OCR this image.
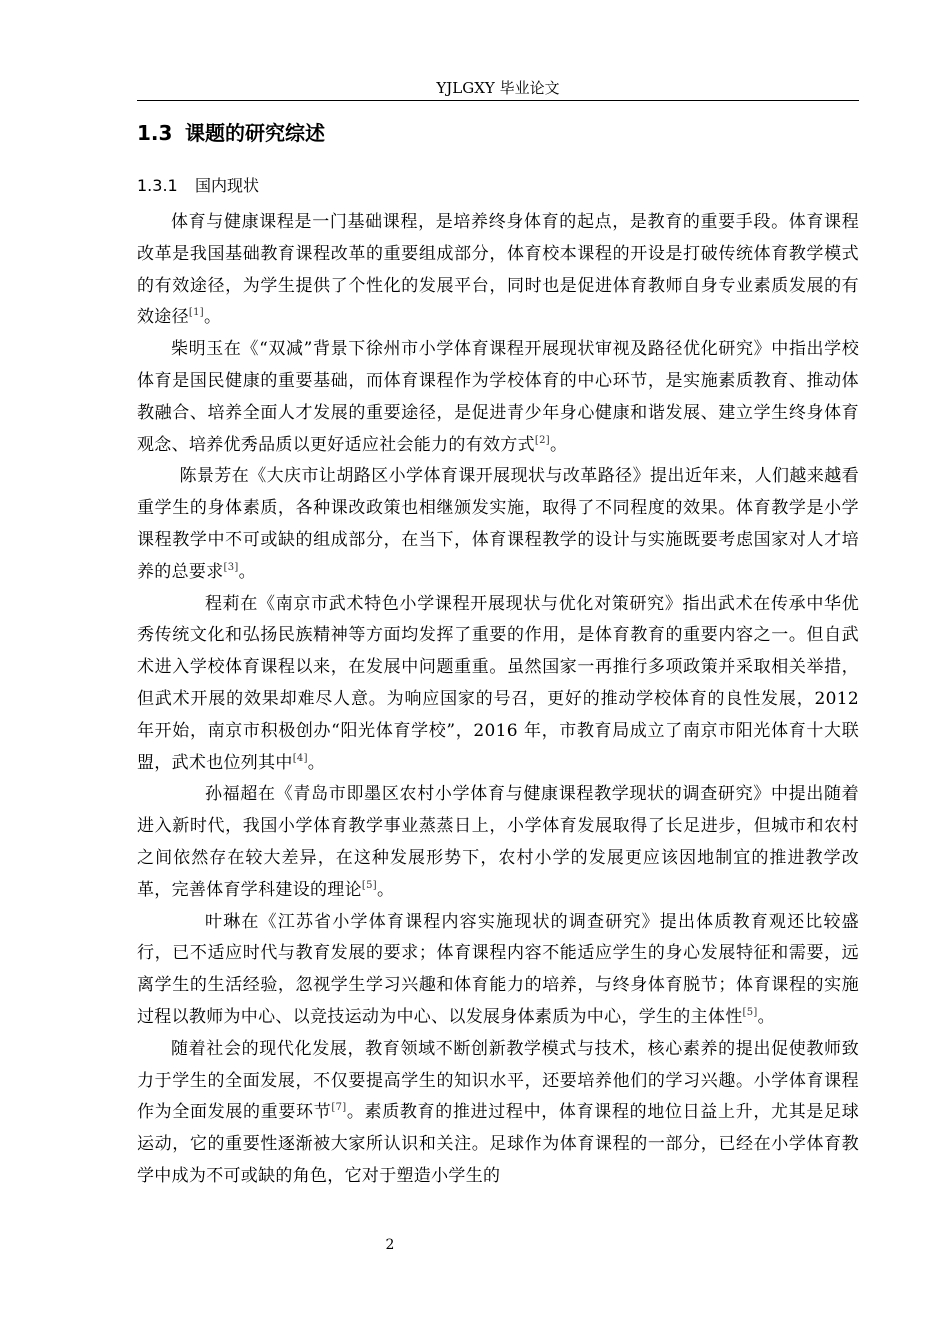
YJLGXY 毕业论文
1.3 课题的研究综述
1.3.1 国内现状

体育与健康课程是一门基础课程，是培养终身体育的起点，是教育的重要手段。体育课程改革是我国基础教育课程改革的重要组成部分，体育校本课程的开设是打破传统体育教学模式的有效途径，为学生提供了个性化的发展平台，同时也是促进体育教师自身专业素质发展的有效途径[1]。

柴明玉在《“双减”背景下徐州市小学体育课程开展现状审视及路径优化研究》中指出学校体育是国民健康的重要基础，而体育课程作为学校体育的中心环节，是实施素质教育、推动体教融合、培养全面人才发展的重要途径，是促进青少年身心健康和谐发展、建立学生终身体育观念、培养优秀品质以更好适应社会能力的有效方式[2]。

陈景芳在《大庆市让胡路区小学体育课开展现状与改革路径》提出近年来，人们越来越看重学生的身体素质，各种课改政策也相继颁发实施，取得了不同程度的效果。体育教学是小学课程教学中不可或缺的组成部分，在当下，体育课程教学的设计与实施既要考虑国家对人才培养的总要求[3]。

程莉在《南京市武术特色小学课程开展现状与优化对策研究》指出武术在传承中华优秀传统文化和弘扬民族精神等方面均发挥了重要的作用，是体育教育的重要内容之一。但自武术进入学校体育课程以来，在发展中问题重重。虽然国家一再推行多项政策并采取相关举措，但武术开展的效果却难尽人意。为响应国家的号召，更好的推动学校体育的良性发展，2012 年开始，南京市积极创办“阳光体育学校”，2016 年，市教育局成立了南京市阳光体育十大联盟，武术也位列其中[4]。

孙福超在《青岛市即墨区农村小学体育与健康课程教学现状的调查研究》中提出随着进入新时代，我国小学体育教学事业蒸蒸日上，小学体育发展取得了长足进步，但城市和农村之间依然存在较大差异，在这种发展形势下，农村小学的发展更应该因地制宜的推进教学改革，完善体育学科建设的理论[5]。

叶琳在《江苏省小学体育课程内容实施现状的调查研究》提出体质教育观还比较盛行，已不适应时代与教育发展的要求；体育课程内容不能适应学生的身心发展特征和需要，远离学生的生活经验，忽视学生学习兴趣和体育能力的培养，与终身体育脱节；体育课程的实施过程以教师为中心、以竞技运动为中心、以发展身体素质为中心，学生的主体性[5]。

随着社会的现代化发展，教育领域不断创新教学模式与技术，核心素养的提出促使教师致力于学生的全面发展，不仅要提高学生的知识水平，还要培养他们的学习兴趣。小学体育课程作为全面发展的重要环节[7]。素质教育的推进过程中，体育课程的地位日益上升，尤其是足球运动，它的重要性逐渐被大家所认识和关注。足球作为体育课程的一部分，已经在小学体育教学中成为不可或缺的角色，它对于塑造小学生的

2
